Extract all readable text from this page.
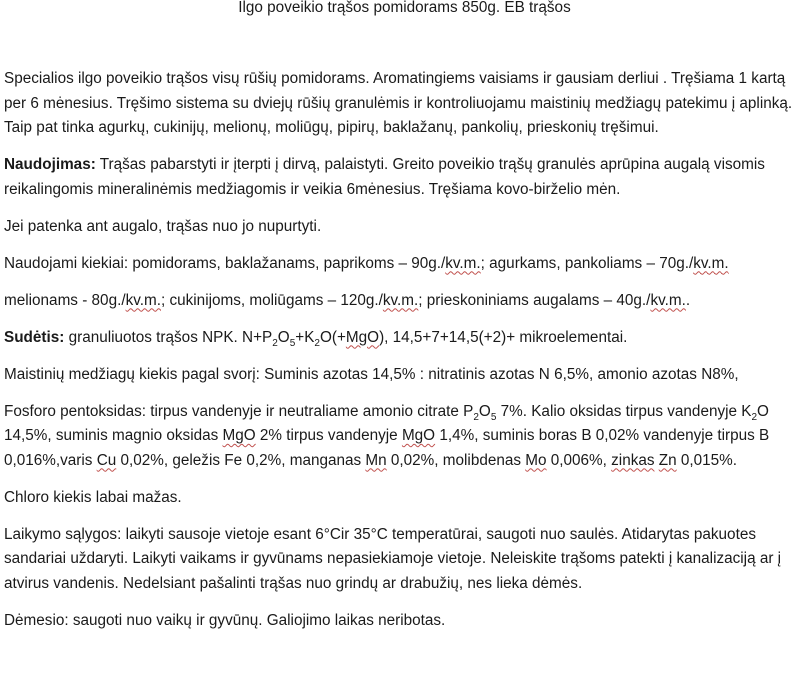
Ilgo poveikio trąšos pomidorams 850g. EB trąšos

Specialios ilgo poveikio trąšos visų rūšių pomidorams. Aromatingiems vaisiams ir gausiam derliui . Tręšiama 1 kartą per 6 mėnesius. Tręšimo sistema su dviejų rūšių granulėmis ir kontroliuojamu maistinių medžiagų patekimu į aplinką. Taip pat tinka agurkų, cukinijų, melionų, moliūgų, pipirų, baklažanų, pankolių, prieskonių tręšimui.

Naudojimas: Trąšas pabarstyti ir įterpti į dirvą, palaistyti. Greito poveikio trąšų granulės aprūpina augalą visomis reikalingomis mineralinėmis medžiagomis ir veikia 6mėnesius. Tręšiama kovo-birželio mėn.

Jei patenka ant augalo, trąšas nuo jo nupurtyti.

Naudojami kiekiai: pomidorams, baklažanams, paprikoms – 90g./kv.m.; agurkams, pankoliams – 70g./kv.m.

melionams - 80g./kv.m.; cukinijoms, moliūgams – 120g./kv.m.; prieskoniniams augalams – 40g./kv.m..

Sudėtis: granuliuotos trąšos NPK. $N+P_2O_5+K_2O(+MgO)$, 14,5+7+14,5(+2)+ mikroelementai.

Maistinių medžiagų kiekis pagal svorį: Suminis azotas 14,5% : nitratinis azotas N 6,5%, amonio azotas N8%,

Fosforo pentoksidas: tirpus vandenyje ir neutraliame amonio citrate $P_2O_5$ 7%. Kalio oksidas tirpus vandenyje $K_2O$ 14,5%, suminis magnio oksidas MgO 2% tirpus vandenyje MgO 1,4%, suminis boras B 0,02% vandenyje tirpus B 0,016%,varis Cu 0,02%, geležis Fe 0,2%, manganas Mn 0,02%, molibdenas Mo 0,006%, zinkas Zn 0,015%.

Chloro kiekis labai mažas.

Laikymo sąlygos: laikyti sausoje vietoje esant 6°Cir 35°C temperatūrai, saugoti nuo saulės. Atidarytas pakuotes sandariai uždaryti. Laikyti vaikams ir gyvūnams nepasiekiamoje vietoje. Neleiskite trąšoms patekti į kanalizaciją ar į atvirus vandenis. Nedelsiant pašalinti trąšas nuo grindų ar drabužių, nes lieka dėmės.

Dėmesio: saugoti nuo vaikų ir gyvūnų. Galiojimo laikas neribotas.
